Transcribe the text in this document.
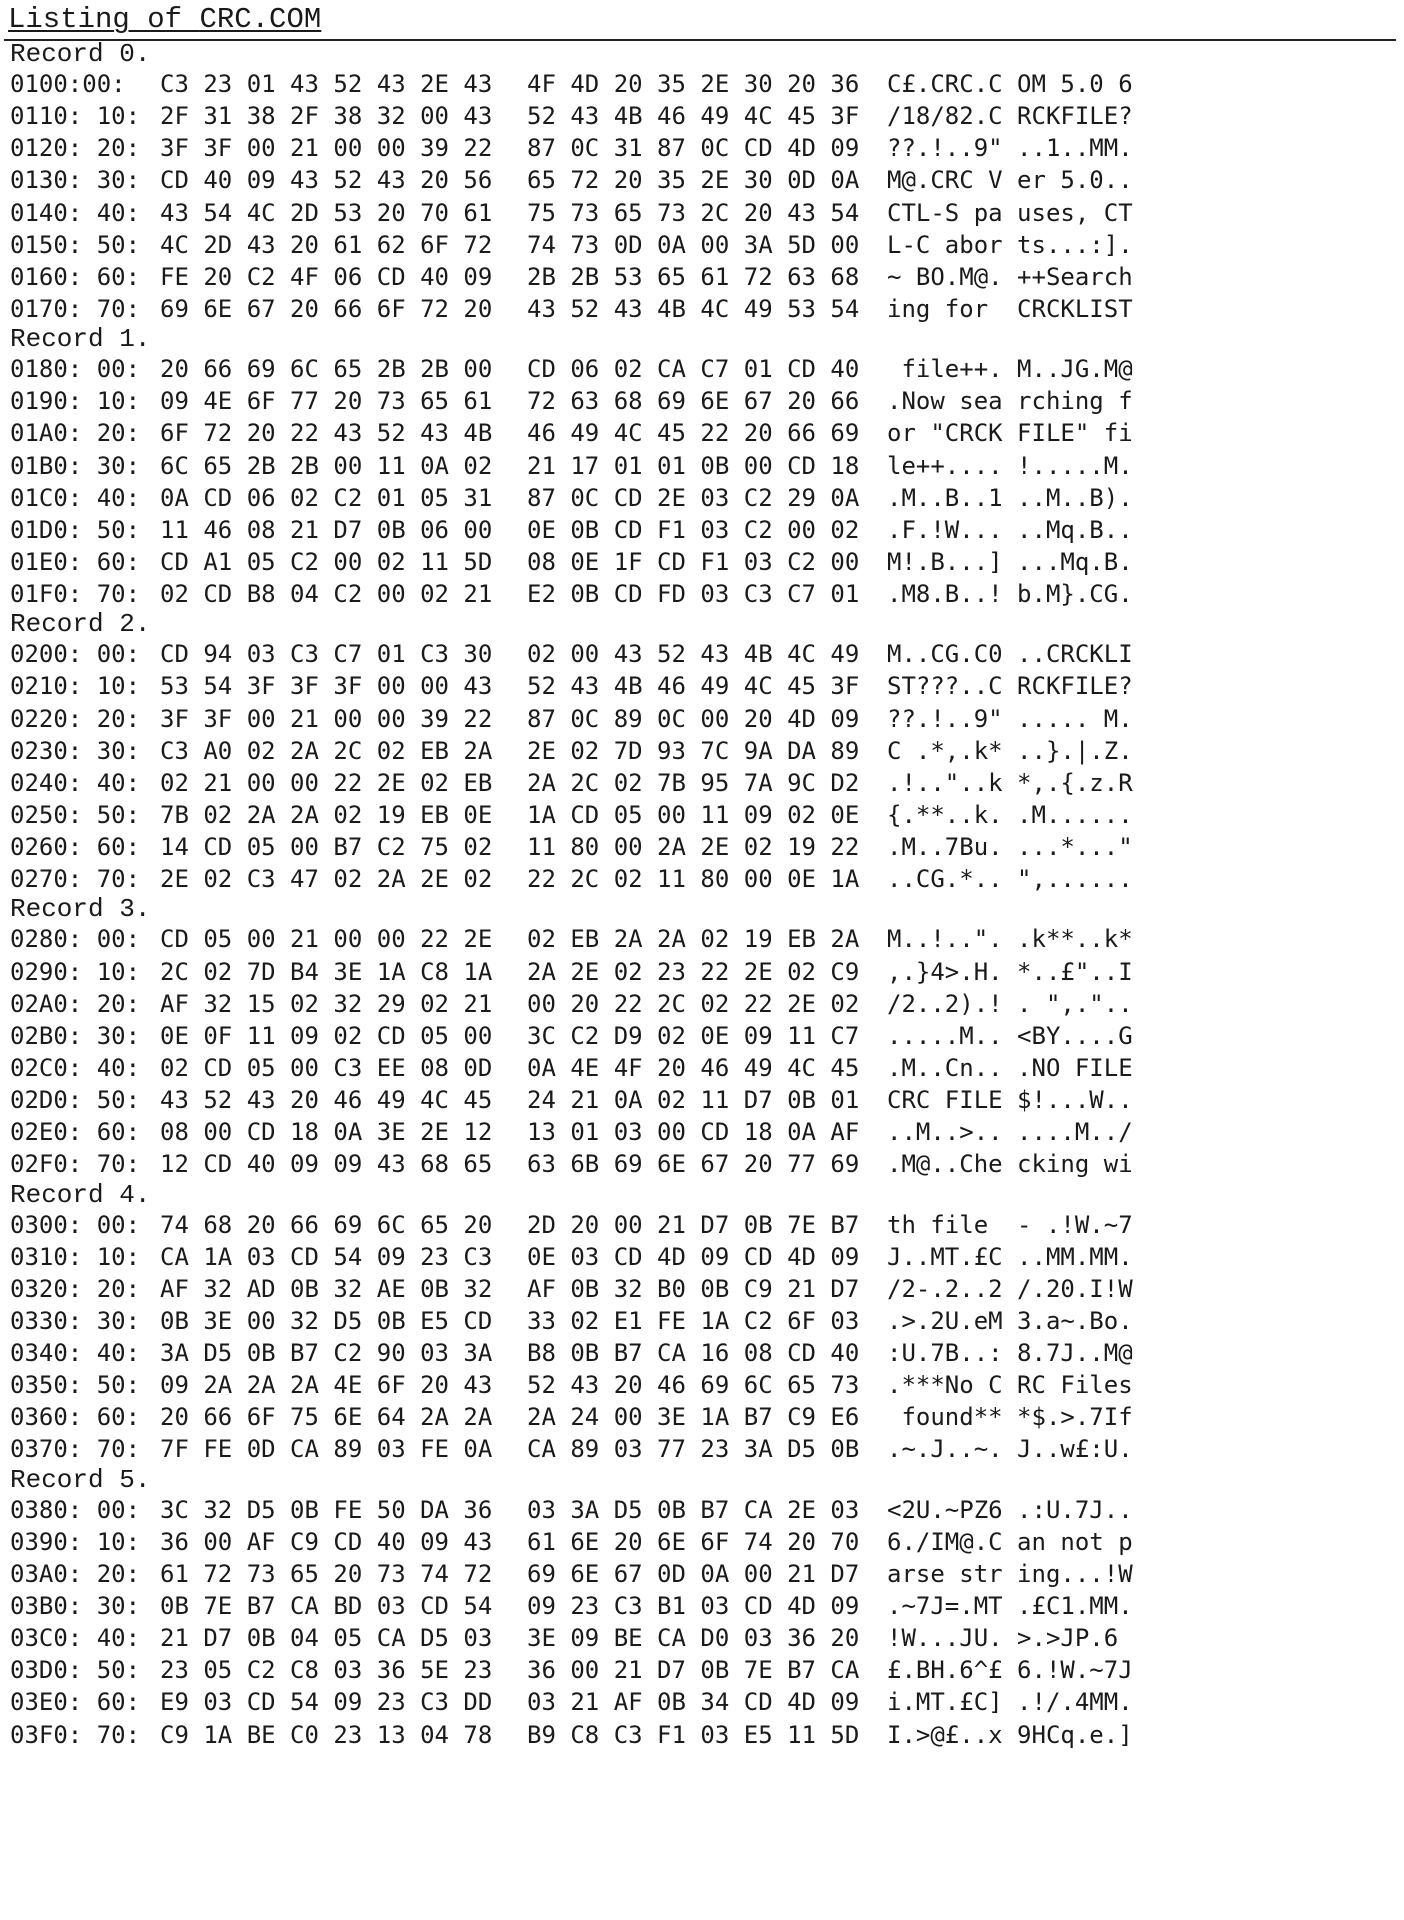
Listing of CRC.COM
Record 0.
0100:00: C3 23 01 43 52 43 2E 43 4F 4D 20 35 2E 30 20 36 C£.CRC.C OM 5.0 6
0110: 10: 2F 31 38 2F 38 32 00 43 52 43 4B 46 49 4C 45 3F /18/82.C RCKFILE?
0120: 20: 3F 3F 00 21 00 00 39 22 87 0C 31 87 0C CD 4D 09 ??.!..9" ..1..MM.
0130: 30: CD 40 09 43 52 43 20 56 65 72 20 35 2E 30 0D 0A M@.CRC V er 5.0..
0140: 40: 43 54 4C 2D 53 20 70 61 75 73 65 73 2C 20 43 54 CTL-S pa uses, CT
0150: 50: 4C 2D 43 20 61 62 6F 72 74 73 0D 0A 00 3A 5D 00 L-C abor ts...:].
0160: 60: FE 20 C2 4F 06 CD 40 09 2B 2B 53 65 61 72 63 68 ~ BO.M@. ++Search
0170: 70: 69 6E 67 20 66 6F 72 20 43 52 43 4B 4C 49 53 54 ing for  CRCKLIST
Record 1.
0180: 00: 20 66 69 6C 65 2B 2B 00 CD 06 02 CA C7 01 CD 40 file++. M..JG.M@
0190: 10: 09 4E 6F 77 20 73 65 61 72 63 68 69 6E 67 20 66 .Now sea rching f
01A0: 20: 6F 72 20 22 43 52 43 4B 46 49 4C 45 22 20 66 69 or "CRCK FILE" fi
01B0: 30: 6C 65 2B 2B 00 11 0A 02 21 17 01 01 0B 00 CD 18 le++.... !.....M.
01C0: 40: 0A CD 06 02 C2 01 05 31 87 0C CD 2E 03 C2 29 0A .M..B..1 ..M..B).
01D0: 50: 11 46 08 21 D7 0B 06 00 0E 0B CD F1 03 C2 00 02 .F.!W... ..Mq.B..
01E0: 60: CD A1 05 C2 00 02 11 5D 08 0E 1F CD F1 03 C2 00 M!.B...] ...Mq.B.
01F0: 70: 02 CD B8 04 C2 00 02 21 E2 0B CD FD 03 C3 C7 01 .M8.B..! b.M}.CG.
Record 2.
0200: 00: CD 94 03 C3 C7 01 C3 30 02 00 43 52 43 4B 4C 49 M..CG.C0 ..CRCKLI
0210: 10: 53 54 3F 3F 3F 00 00 43 52 43 4B 46 49 4C 45 3F ST???..C RCKFILE?
0220: 20: 3F 3F 00 21 00 00 39 22 87 0C 89 0C 00 20 4D 09 ??.!..9" ..... M.
0230: 30: C3 A0 02 2A 2C 02 EB 2A 2E 02 7D 93 7C 9A DA 89 C .*,.k* ..}.|.Z.
0240: 40: 02 21 00 00 22 2E 02 EB 2A 2C 02 7B 95 7A 9C D2 .!.."..k *,.{.z.R
0250: 50: 7B 02 2A 2A 02 19 EB 0E 1A CD 05 00 11 09 02 0E {.**..k. .M......
0260: 60: 14 CD 05 00 B7 C2 75 02 11 80 00 2A 2E 02 19 22 .M..7Bu. ...*..."
0270: 70: 2E 02 C3 47 02 2A 2E 02 22 2C 02 11 80 00 0E 1A ..CG.*.. ",......
Record 3.
0280: 00: CD 05 00 21 00 00 22 2E 02 EB 2A 2A 02 19 EB 2A M..!..". .k**..k*
0290: 10: 2C 02 7D B4 3E 1A C8 1A 2A 2E 02 23 22 2E 02 C9 ,.}4>.H. *..£"..I
02A0: 20: AF 32 15 02 32 29 02 21 00 20 22 2C 02 22 2E 02 /2..2).! . ",."..
02B0: 30: 0E 0F 11 09 02 CD 05 00 3C C2 D9 02 0E 09 11 C7 .....M.. <BY....G
02C0: 40: 02 CD 05 00 C3 EE 08 0D 0A 4E 4F 20 46 49 4C 45 .M..Cn.. .NO FILE
02D0: 50: 43 52 43 20 46 49 4C 45 24 21 0A 02 11 D7 0B 01 CRC FILE $!...W..
02E0: 60: 08 00 CD 18 0A 3E 2E 12 13 01 03 00 CD 18 0A AF ..M..>.. ....M../
02F0: 70: 12 CD 40 09 09 43 68 65 63 6B 69 6E 67 20 77 69 .M@..Che cking wi
Record 4.
0300: 00: 74 68 20 66 69 6C 65 20 2D 20 00 21 D7 0B 7E B7 th file  - .!W.~7
0310: 10: CA 1A 03 CD 54 09 23 C3 0E 03 CD 4D 09 CD 4D 09 J..MT.£C ..MM.MM.
0320: 20: AF 32 AD 0B 32 AE 0B 32 AF 0B 32 B0 0B C9 21 D7 /2-.2..2 /.20.I!W
0330: 30: 0B 3E 00 32 D5 0B E5 CD 33 02 E1 FE 1A C2 6F 03 .>.2U.eM 3.a~.Bo.
0340: 40: 3A D5 0B B7 C2 90 03 3A B8 0B B7 CA 16 08 CD 40 :U.7B..: 8.7J..M@
0350: 50: 09 2A 2A 2A 4E 6F 20 43 52 43 20 46 69 6C 65 73 .***No C RC Files
0360: 60: 20 66 6F 75 6E 64 2A 2A 2A 24 00 3E 1A B7 C9 E6 found** *$.>.7If
0370: 70: 7F FE 0D CA 89 03 FE 0A CA 89 03 77 23 3A D5 0B .~.J..~. J..w£:U.
Record 5.
0380: 00: 3C 32 D5 0B FE 50 DA 36 03 3A D5 0B B7 CA 2E 03 <2U.~PZ6 .:U.7J..
0390: 10: 36 00 AF C9 CD 40 09 43 61 6E 20 6E 6F 74 20 70 6./IM@.C an not p
03A0: 20: 61 72 73 65 20 73 74 72 69 6E 67 0D 0A 00 21 D7 arse str ing...!W
03B0: 30: 0B 7E B7 CA BD 03 CD 54 09 23 C3 B1 03 CD 4D 09 .~7J=.MT .£C1.MM.
03C0: 40: 21 D7 0B 04 05 CA D5 03 3E 09 BE CA D0 03 36 20 !W...JU. >.>JP.6
03D0: 50: 23 05 C2 C8 03 36 5E 23 36 00 21 D7 0B 7E B7 CA £.BH.6^£ 6.!W.~7J
03E0: 60: E9 03 CD 54 09 23 C3 DD 03 21 AF 0B 34 CD 4D 09 i.MT.£C] .!/.4MM.
03F0: 70: C9 1A BE C0 23 13 04 78 B9 C8 C3 F1 03 E5 11 5D I.>@£..x 9HCq.e.]
